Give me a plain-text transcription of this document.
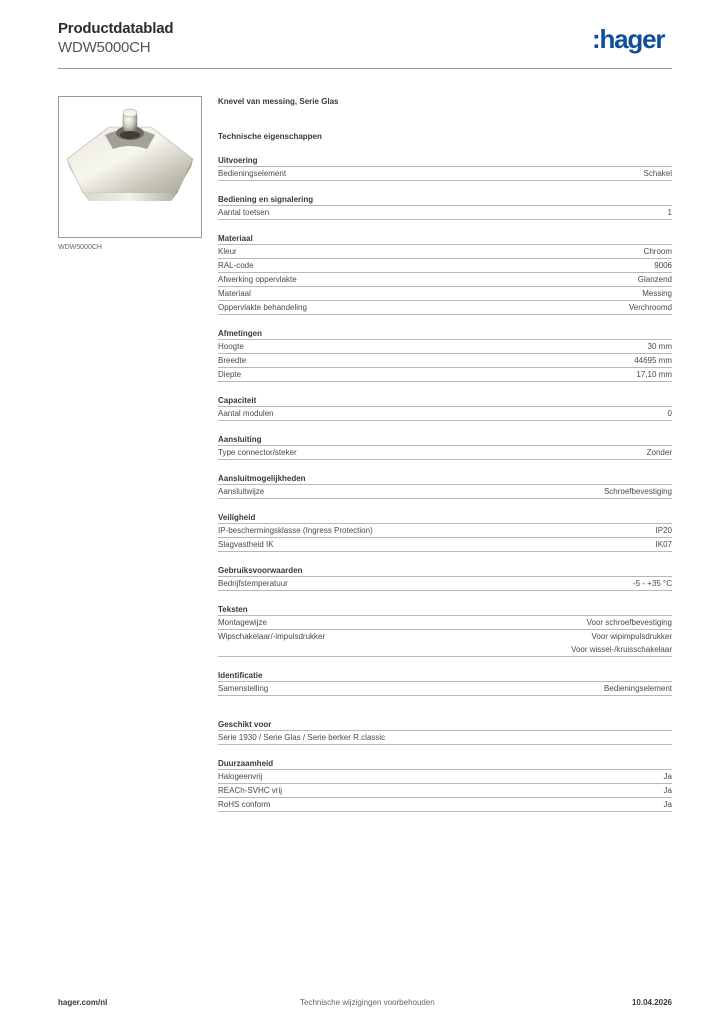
Productdatablad
WDW5000CH	:hager
WDW5000CH
Knevel van messing, Serie Glas
Technische eigenschappen
Uitvoering
Bedieningselement	Schakel
Bediening en signalering
Aantal toetsen	1
Materiaal
Kleur	Chroom
RAL-code	9006
Afwerking oppervlakte	Glanzend
Materiaal	Messing
Oppervlakte behandeling	Verchroomd
Afmetingen
Hoogte	30 mm
Breedte	44695 mm
Diepte	17,10 mm
Capaciteit
Aantal modulen	0
Aansluiting
Type connector/steker	Zonder
Aansluitmogelijkheden
Aansluitwijze	Schroefbevestiging
Veiligheid
IP-beschermingsklasse (Ingress Protection)	IP20
Slagvastheid IK	IK07
Gebruiksvoorwaarden
Bedrijfstemperatuur	-5 - +35 °C
Teksten
Montagewijze	Voor schroefbevestiging
Wipschakelaar/-impulsdrukker	Voor wipimpulsdrukker
Voor wissel-/kruisschakelaar
Identificatie
Samenstelling	Bedieningselement
Geschikt voor
Serie 1930 / Serie Glas / Serie berker R.classic
Duurzaamheid
Halogeenvrij	Ja
REACh-SVHC vrij	Ja
RoHS conform	Ja
hager.com/nl	Technische wijzigingen voorbehouden	10.04.2026
